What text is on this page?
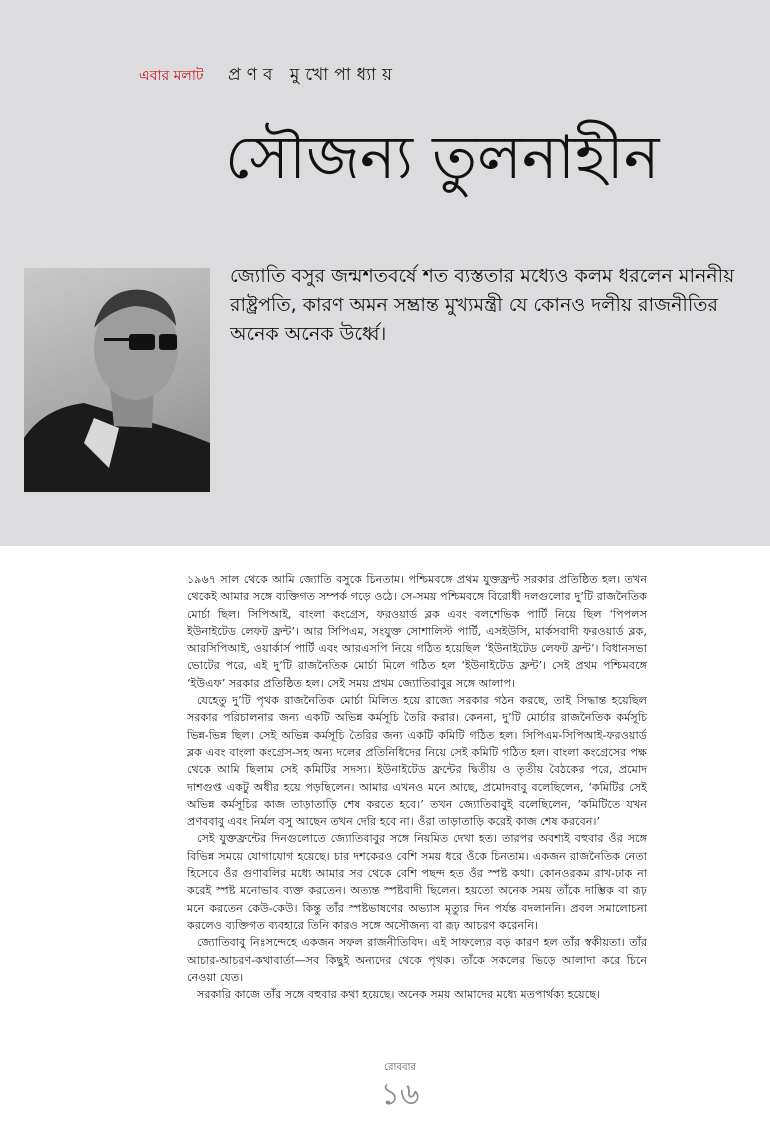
এবার মলাট প্রণব মুখোপাধ্যায়
সৌজন্য তুলনাহীন
জ্যোতি বসুর জন্মশতবর্ষে শত ব্যস্ততার মধ্যেও কলম ধরলেন মাননীয় রাষ্ট্রপতি, কারণ অমন সম্ভ্রান্ত মুখ্যমন্ত্রী যে কোনও দলীয় রাজনীতির অনেক অনেক উর্ধ্বে।

১৯৬৭ সাল থেকে আমি জ্যোতি বসুকে চিনতাম। পশ্চিমবঙ্গে প্রথম যুক্তফ্রন্ট সরকার প্রতিষ্ঠিত হল। তখন থেকেই আমার সঙ্গে ব্যক্তিগত সম্পর্ক গড়ে ওঠে। সে-সময় পশ্চিমবঙ্গে বিরোধী দলগুলোর দু’টি রাজনৈতিক মোর্চা ছিল। সিপিআই, বাংলা কংগ্রেস, ফরওয়ার্ড ব্লক এবং বলশেভিক পার্টি নিয়ে ছিল ‘পিপলস ইউনাইটেড লেফট ফ্রন্ট’। আর সিপিএম, সংযুক্ত সোশালিস্ট পার্টি, এসইউসি, মার্কসবাদী ফরওয়ার্ড ব্লক, আরসিপিআই, ওয়ার্কার্স পার্টি এবং আরএসপি নিয়ে গঠিত হয়েছিল ‘ইউনাইটেড লেফট ফ্রন্ট’। বিধানসভা ভোটের পরে, এই দু’টি রাজনৈতিক মোর্চা মিলে গঠিত হল ‘ইউনাইটেড ফ্রন্ট’। সেই প্রথম পশ্চিমবঙ্গে ‘ইউএফ’ সরকার প্রতিষ্ঠিত হল। সেই সময় প্রথম জ্যোতিবাবুর সঙ্গে আলাপ।

যেহেতু দু’টি পৃথক রাজনৈতিক মোর্চা মিলিত হয়ে রাজ্যে সরকার গঠন করছে, তাই সিদ্ধান্ত হয়েছিল সরকার পরিচালনার জন্য একটি অভিন্ন কর্মসূচি তৈরি করার। কেননা, দু’টি মোর্চার রাজনৈতিক কর্মসূচি ভিন্ন-ভিন্ন ছিল। সেই অভিন্ন কর্মসূচি তৈরির জন্য একটি কমিটি গঠিত হল। সিপিএম-সিপিআই-ফরওয়ার্ড ব্লক এবং বাংলা কংগ্রেস-সহ অন্য দলের প্রতিনিধিদের নিয়ে সেই কমিটি গঠিত হল। বাংলা কংগ্রেসের পক্ষ থেকে আমি ছিলাম সেই কমিটির সদস্য। ইউনাইটেড ফ্রন্টের দ্বিতীয় ও তৃতীয় বৈঠকের পরে, প্রমোদ দাশগুপ্ত একটু অধীর হয়ে পড়ছিলেন। আমার এখনও মনে আছে, প্রমোদবাবু বলেছিলেন, ‘কমিটির সেই অভিন্ন কর্মসূচির কাজ তাড়াতাড়ি শেষ করতে হবে।’ তখন জ্যোতিবাবুই বলেছিলেন, ‘কমিটিতে যখন প্রণববাবু এবং নির্মল বসু আছেন তখন দেরি হবে না। ওঁরা তাড়াতাড়ি করেই কাজ শেষ করবেন।’

সেই যুক্তফ্রন্টের দিনগুলোতে জ্যোতিবাবুর সঙ্গে নিয়মিত দেখা হত। তারপর অবশ্যই বহুবার ওঁর সঙ্গে বিভিন্ন সময়ে যোগাযোগ হয়েছে। চার দশকেরও বেশি সময় ধরে ওঁকে চিনতাম। একজন রাজনৈতিক নেতা হিসেবে ওঁর গুণাবলির মধ্যে আমার সব থেকে বেশি পছন্দ হত ওঁর স্পষ্ট কথা। কোনওরকম রাখ-ঢাক না করেই স্পষ্ট মনোভাব ব্যক্ত করতেন। অত্যন্ত স্পষ্টবাদী ছিলেন। হয়তো অনেক সময় তাঁকে দাম্ভিক বা রূঢ় মনে করতেন কেউ-কেউ। কিন্তু তাঁর স্পষ্টভাষণের অভ্যাস মৃত্যুর দিন পর্যন্ত বদলাননি। প্রবল সমালোচনা করলেও ব্যক্তিগত ব্যবহারে তিনি কারও সঙ্গে অসৌজন্য বা রূঢ় আচরণ করেননি।

জ্যোতিবাবু নিঃসন্দেহে একজন সফল রাজনীতিবিদ। এই সাফল্যের বড় কারণ হল তাঁর স্বকীয়তা। তাঁর আচার-আচরণ-কথাবার্তা—সব কিছুই অন্যদের থেকে পৃথক। তাঁকে সকলের ভিড়ে আলাদা করে চিনে নেওয়া যেত।

সরকারি কাজে তাঁর সঙ্গে বহুবার কথা হয়েছে। অনেক সময় আমাদের মধ্যে মতপার্থক্য হয়েছে।

রোববার
১৬
